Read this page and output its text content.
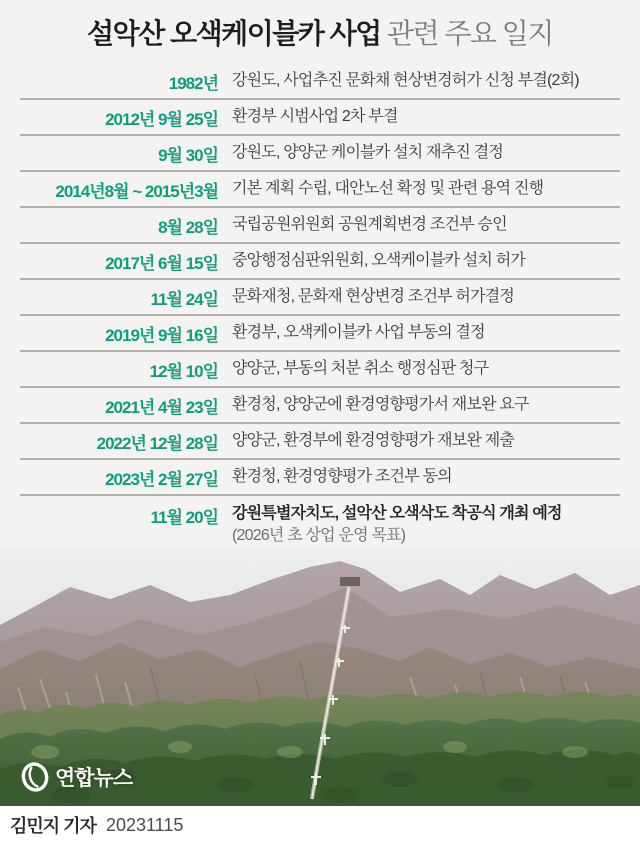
설악산 오색케이블카 사업 관련 주요 일지
1982년 강원도, 사업추진 문화채 현상변경허가 신청 부결(2회)
2012년 9월 25일 환경부 시범사업 2차 부결
9월 30일 강원도, 양양군 케이블카 설치 재추진 결정
2014년8월 ~ 2015년3월 기본 계획 수립, 대안노선 확정 및 관련 용역 진행
8월 28일 국립공원위원회 공원계획변경 조건부 승인
2017년 6월 15일 중앙행정심판위원회, 오색케이블카 설치 허가
11월 24일 문화재청, 문화재 현상변경 조건부 허가결정
2019년 9월 16일 환경부, 오색케이블카 사업 부동의 결정
12월 10일 양양군, 부동의 처분 취소 행정심판 청구
2021년 4월 23일 환경청, 양양군에 환경영향평가서 재보완 요구
2022년 12월 28일 양양군, 환경부에 환경영향평가 재보완 제출
2023년 2월 27일 환경청, 환경영향평가 조건부 동의
11월 20일 강원특별자치도, 설악산 오색삭도 착공식 개최 예정
(2026년 초 상업 운영 목표)
연합뉴스
김민지 기자 20231115
